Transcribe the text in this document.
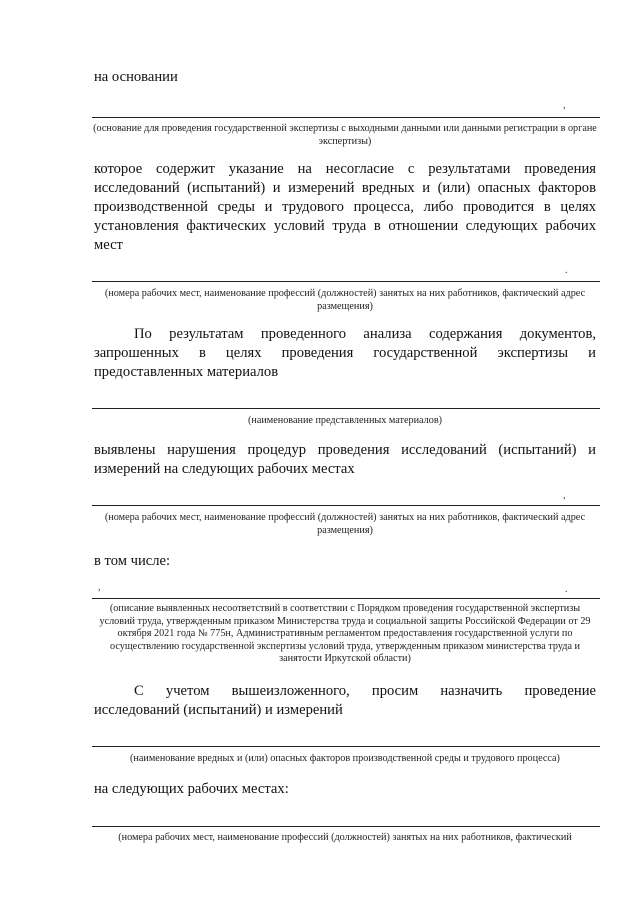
на основании
,
(основание для проведения государственной экспертизы с выходными данными или данными регистрации в органе экспертизы)
которое содержит указание на несогласие с результатами проведения
исследований (испытаний) и измерений вредных и (или) опасных факторов
производственной среды и трудового процесса, либо проводится в целях
установления фактических условий труда в отношении следующих рабочих
мест
.
(номера рабочих мест, наименование профессий (должностей) занятых на них работников, фактический адрес размещения)
По результатам проведенного анализа содержания документов,
запрошенных в целях проведения государственной экспертизы и
предоставленных материалов
(наименование представленных материалов)
выявлены нарушения процедур проведения исследований (испытаний) и
измерений на следующих рабочих местах
,
(номера рабочих мест, наименование профессий (должностей) занятых на них работников, фактический адрес размещения)
в том числе:
,	.
(описание выявленных несоответствий в соответствии с Порядком проведения государственной экспертизы условий труда, утвержденным приказом Министерства труда и социальной защиты Российской Федерации от 29 октября 2021 года № 775н, Административным регламентом предоставления государственной услуги по осуществлению государственной экспертизы условий труда, утвержденным приказом министерства труда и занятости Иркутской области)
С учетом вышеизложенного, просим назначить проведение
исследований (испытаний) и измерений
(наименование вредных и (или) опасных факторов производственной среды и трудового процесса)
на следующих рабочих местах:
(номера рабочих мест, наименование профессий (должностей) занятых на них работников, фактический
